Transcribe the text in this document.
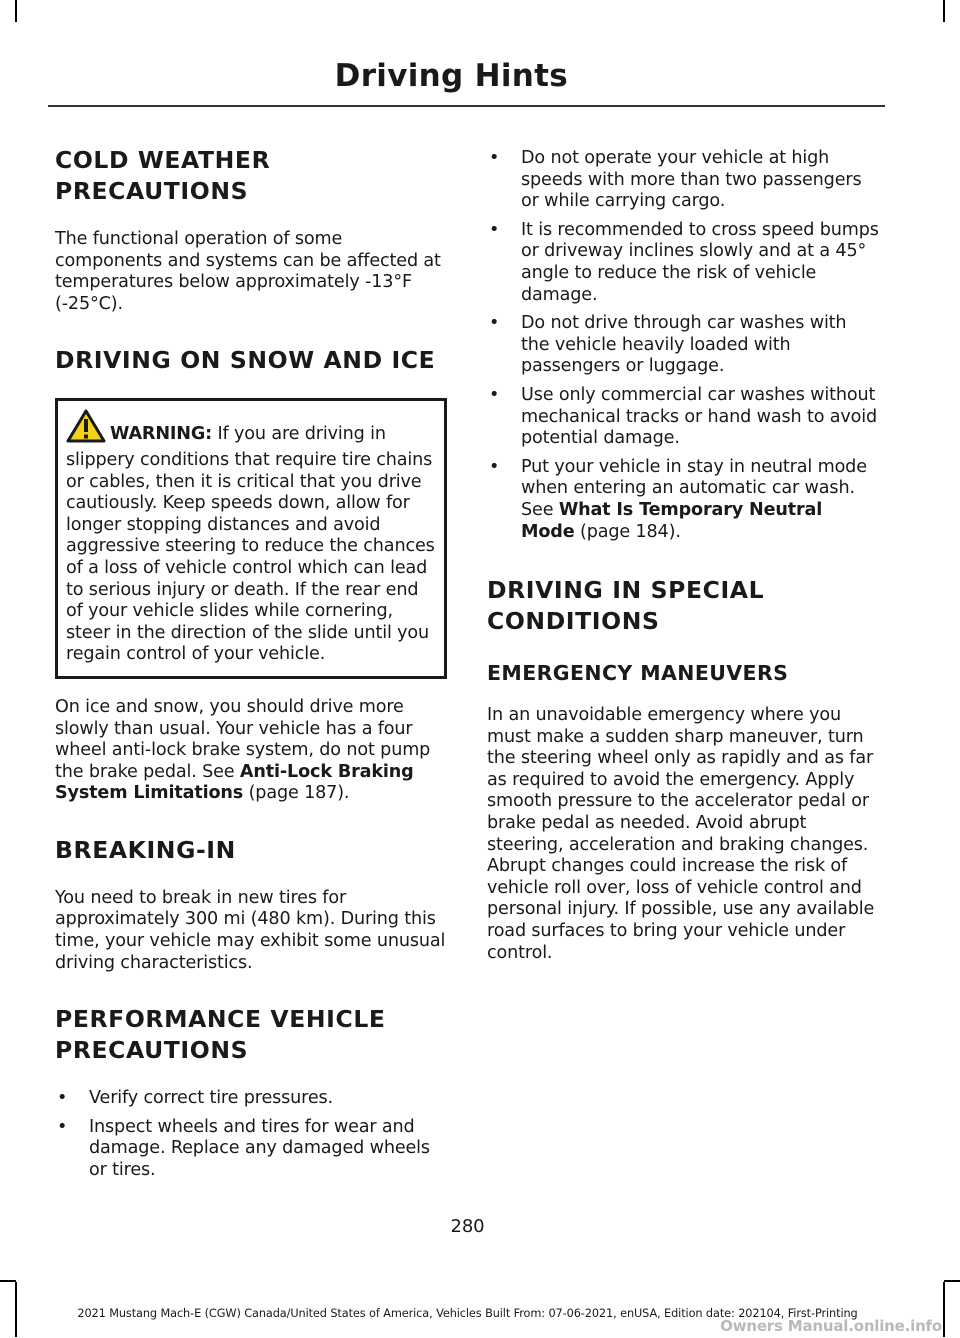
Driving Hints
COLD WEATHER
PRECAUTIONS

The functional operation of some components and systems can be affected at temperatures below approximately -13°F (-25°C).

DRIVING ON SNOW AND ICE
WARNING: If you are driving in slippery conditions that require tire chains or cables, then it is critical that you drive cautiously. Keep speeds down, allow for longer stopping distances and avoid aggressive steering to reduce the chances of a loss of vehicle control which can lead to serious injury or death. If the rear end of your vehicle slides while cornering, steer in the direction of the slide until you regain control of your vehicle.

On ice and snow, you should drive more slowly than usual. Your vehicle has a four wheel anti-lock brake system, do not pump the brake pedal. See Anti-Lock Braking System Limitations (page 187).

BREAKING-IN

You need to break in new tires for approximately 300 mi (480 km). During this time, your vehicle may exhibit some unusual driving characteristics.

PERFORMANCE VEHICLE
PRECAUTIONS
• Verify correct tire pressures.
• Inspect wheels and tires for wear and damage. Replace any damaged wheels or tires.
• Do not operate your vehicle at high speeds with more than two passengers or while carrying cargo.
• It is recommended to cross speed bumps or driveway inclines slowly and at a 45° angle to reduce the risk of vehicle damage.
• Do not drive through car washes with the vehicle heavily loaded with passengers or luggage.
• Use only commercial car washes without mechanical tracks or hand wash to avoid potential damage.
• Put your vehicle in stay in neutral mode when entering an automatic car wash. See What Is Temporary Neutral Mode (page 184).
DRIVING IN SPECIAL
CONDITIONS
EMERGENCY MANEUVERS

In an unavoidable emergency where you must make a sudden sharp maneuver, turn the steering wheel only as rapidly and as far as required to avoid the emergency. Apply smooth pressure to the accelerator pedal or brake pedal as needed. Avoid abrupt steering, acceleration and braking changes. Abrupt changes could increase the risk of vehicle roll over, loss of vehicle control and personal injury. If possible, use any available road surfaces to bring your vehicle under control.

280

2021 Mustang Mach-E (CGW) Canada/United States of America, Vehicles Built From: 07-06-2021, enUSA, Edition date: 202104, First-Printing

Owners Manual.online.info
